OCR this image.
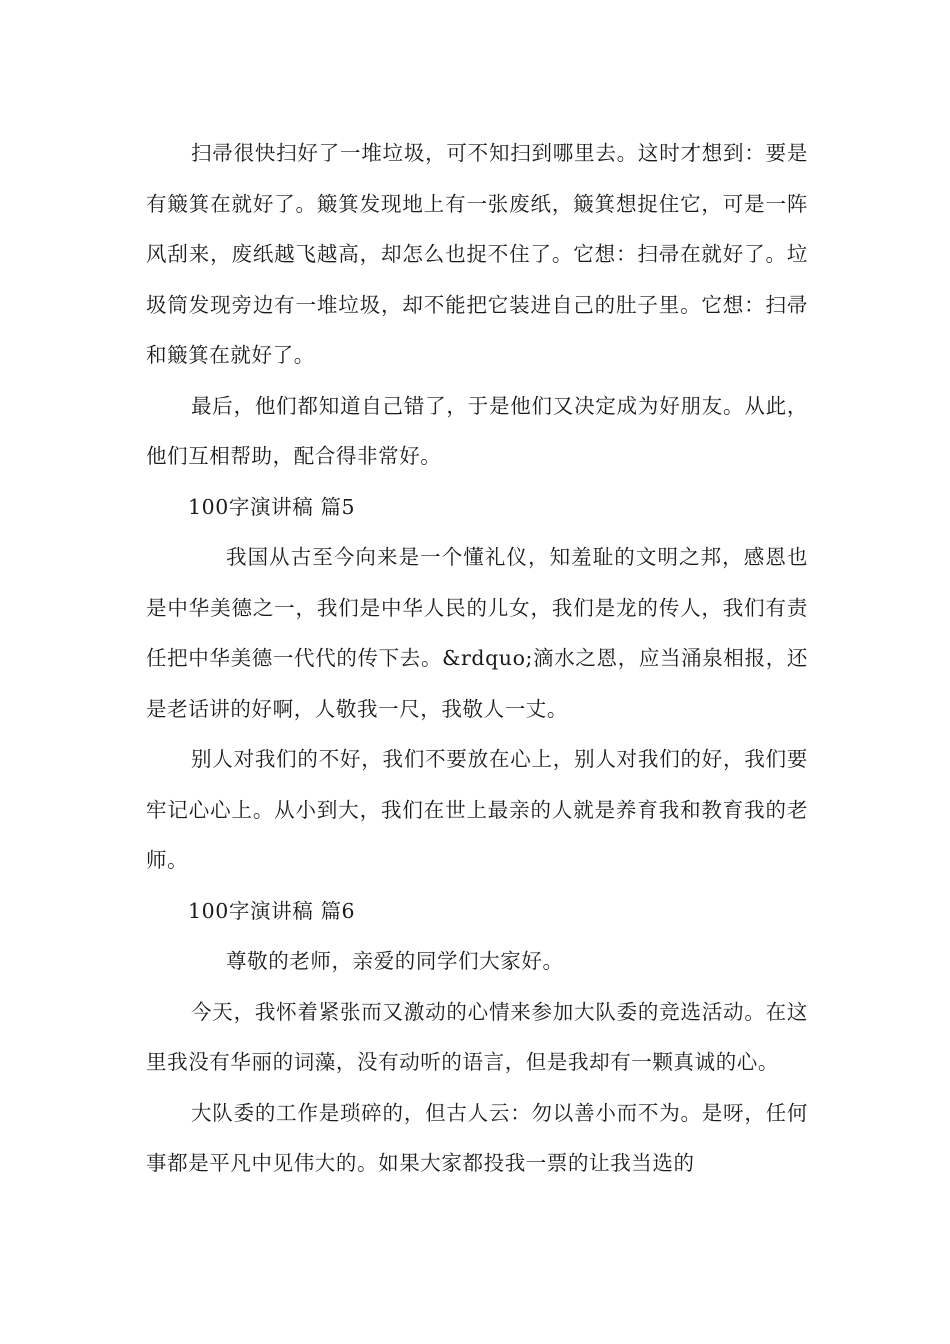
扫帚很快扫好了一堆垃圾，可不知扫到哪里去。这时才想到：要是有簸箕在就好了。簸箕发现地上有一张废纸，簸箕想捉住它，可是一阵风刮来，废纸越飞越高，却怎么也捉不住了。它想：扫帚在就好了。垃圾筒发现旁边有一堆垃圾，却不能把它装进自己的肚子里。它想：扫帚和簸箕在就好了。

最后，他们都知道自己错了，于是他们又决定成为好朋友。从此，他们互相帮助，配合得非常好。

100字演讲稿 篇5

我国从古至今向来是一个懂礼仪，知羞耻的文明之邦，感恩也是中华美德之一，我们是中华人民的儿女，我们是龙的传人，我们有责任把中华美德一代代的传下去。&rdquo;滴水之恩，应当涌泉相报，还是老话讲的好啊，人敬我一尺，我敬人一丈。

别人对我们的不好，我们不要放在心上，别人对我们的好，我们要牢记心心上。从小到大，我们在世上最亲的人就是养育我和教育我的老师。

100字演讲稿 篇6

尊敬的老师，亲爱的同学们大家好。

今天，我怀着紧张而又激动的心情来参加大队委的竞选活动。在这里我没有华丽的词藻，没有动听的语言，但是我却有一颗真诚的心。

大队委的工作是琐碎的，但古人云：勿以善小而不为。是呀，任何事都是平凡中见伟大的。如果大家都投我一票的让我当选的
